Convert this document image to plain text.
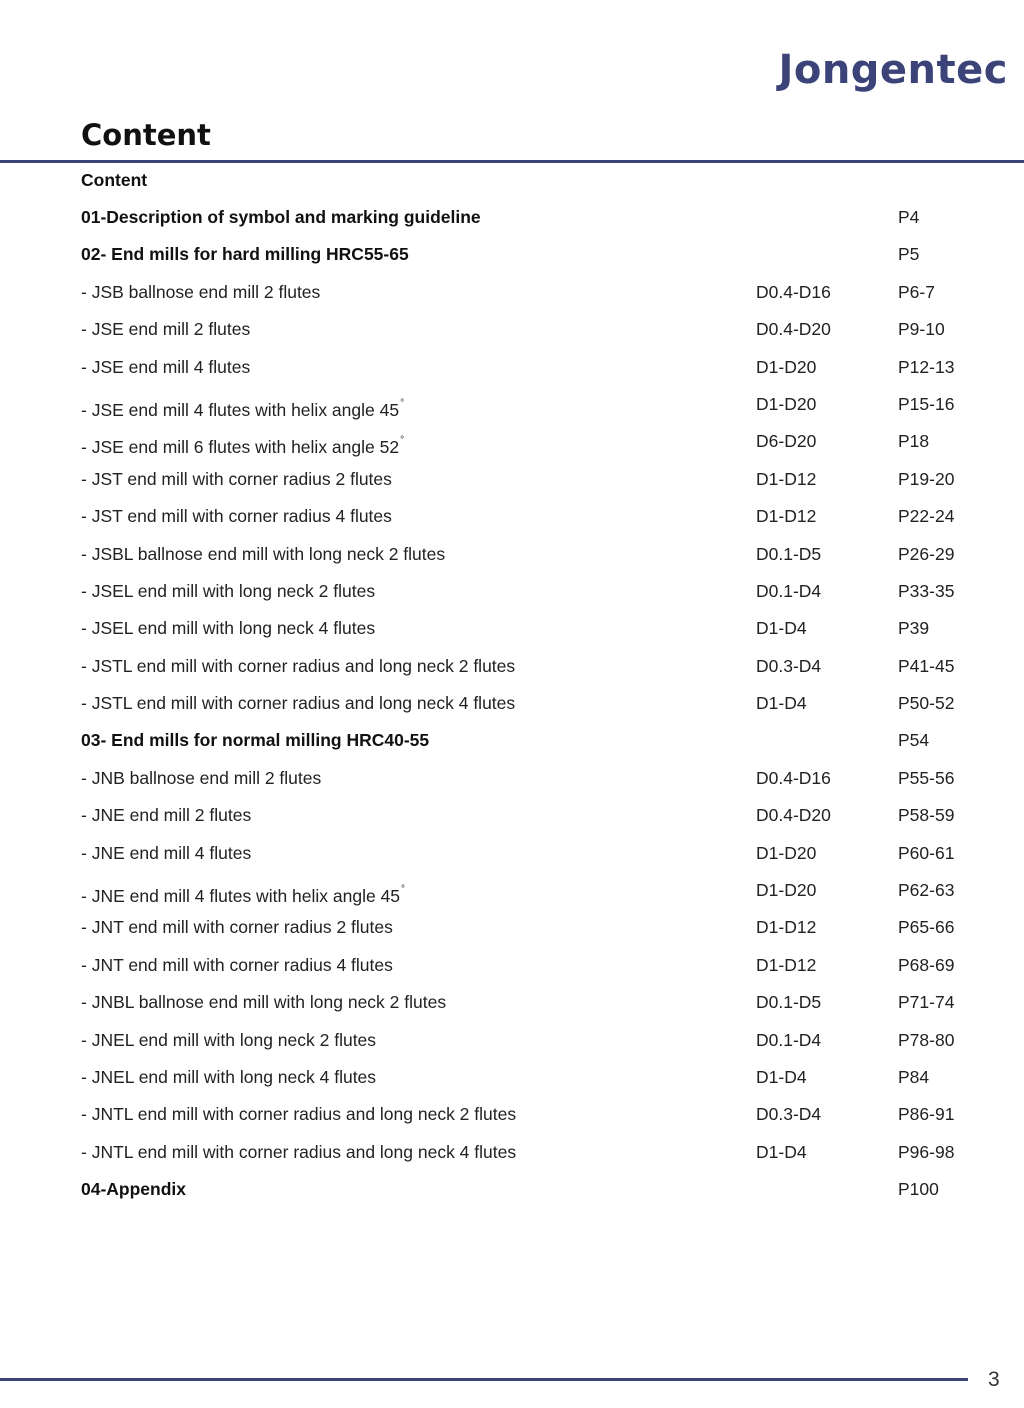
Jongentec
Content
Content
01-Description of symbol and marking guideline	P4
02- End mills for hard milling HRC55-65	P5
- JSB ballnose end mill 2 flutes	D0.4-D16	P6-7
- JSE end mill 2 flutes	D0.4-D20	P9-10
- JSE end mill 4 flutes	D1-D20	P12-13
- JSE end mill 4 flutes with helix angle 45°	D1-D20	P15-16
- JSE end mill 6 flutes with helix angle 52°	D6-D20	P18
- JST end mill with corner radius 2 flutes	D1-D12	P19-20
- JST end mill with corner radius 4 flutes	D1-D12	P22-24
- JSBL ballnose end mill with long neck 2 flutes	D0.1-D5	P26-29
- JSEL end mill with long neck 2 flutes	D0.1-D4	P33-35
- JSEL end mill with long neck 4 flutes	D1-D4	P39
- JSTL end mill with corner radius and long neck 2 flutes	D0.3-D4	P41-45
- JSTL end mill with corner radius and long neck 4 flutes	D1-D4	P50-52
03- End mills for normal milling HRC40-55	P54
- JNB ballnose end mill 2 flutes	D0.4-D16	P55-56
- JNE end mill 2 flutes	D0.4-D20	P58-59
- JNE end mill 4 flutes	D1-D20	P60-61
- JNE end mill 4 flutes with helix angle 45°	D1-D20	P62-63
- JNT end mill with corner radius 2 flutes	D1-D12	P65-66
- JNT end mill with corner radius 4 flutes	D1-D12	P68-69
- JNBL ballnose end mill with long neck 2 flutes	D0.1-D5	P71-74
- JNEL end mill with long neck 2 flutes	D0.1-D4	P78-80
- JNEL end mill with long neck 4 flutes	D1-D4	P84
- JNTL end mill with corner radius and long neck 2 flutes	D0.3-D4	P86-91
- JNTL end mill with corner radius and long neck 4 flutes	D1-D4	P96-98
04-Appendix	P100
3
